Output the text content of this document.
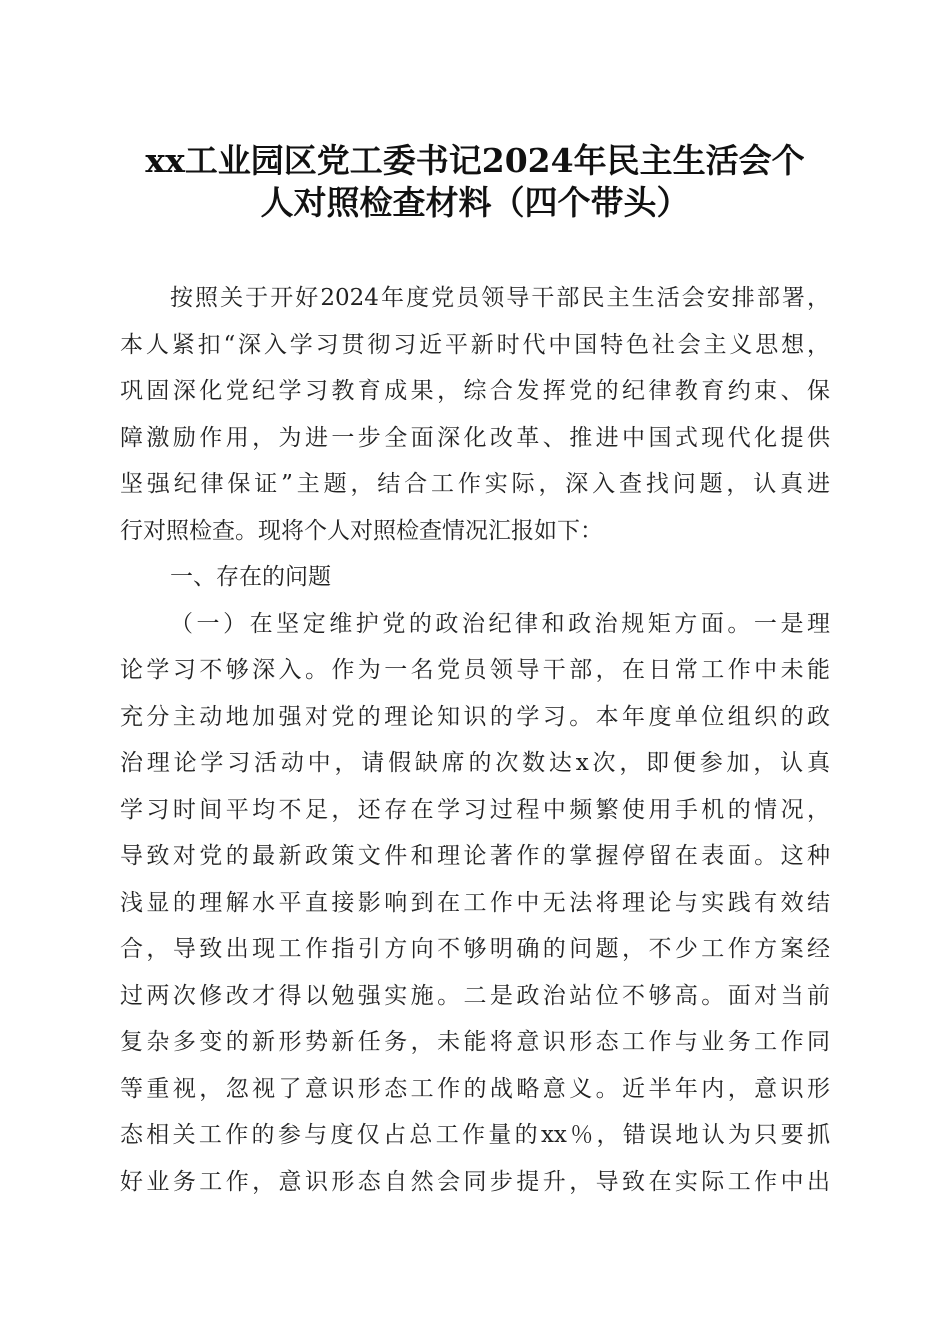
xx工业园区党工委书记2024年民主生活会个
人对照检查材料（四个带头）
按照关于开好2024年度党员领导干部民主生活会安排部署，
本人紧扣“深入学习贯彻习近平新时代中国特色社会主义思想，
巩固深化党纪学习教育成果，综合发挥党的纪律教育约束、保
障激励作用，为进一步全面深化改革、推进中国式现代化提供
坚强纪律保证”主题，结合工作实际，深入查找问题，认真进
行对照检查。现将个人对照检查情况汇报如下：
一、存在的问题
（一）在坚定维护党的政治纪律和政治规矩方面。一是理
论学习不够深入。作为一名党员领导干部，在日常工作中未能
充分主动地加强对党的理论知识的学习。本年度单位组织的政
治理论学习活动中，请假缺席的次数达x次，即便参加，认真
学习时间平均不足，还存在学习过程中频繁使用手机的情况，
导致对党的最新政策文件和理论著作的掌握停留在表面。这种
浅显的理解水平直接影响到在工作中无法将理论与实践有效结
合，导致出现工作指引方向不够明确的问题，不少工作方案经
过两次修改才得以勉强实施。二是政治站位不够高。面对当前
复杂多变的新形势新任务，未能将意识形态工作与业务工作同
等重视，忽视了意识形态工作的战略意义。近半年内，意识形
态相关工作的参与度仅占总工作量的xx％，错误地认为只要抓
好业务工作，意识形态自然会同步提升，导致在实际工作中出
